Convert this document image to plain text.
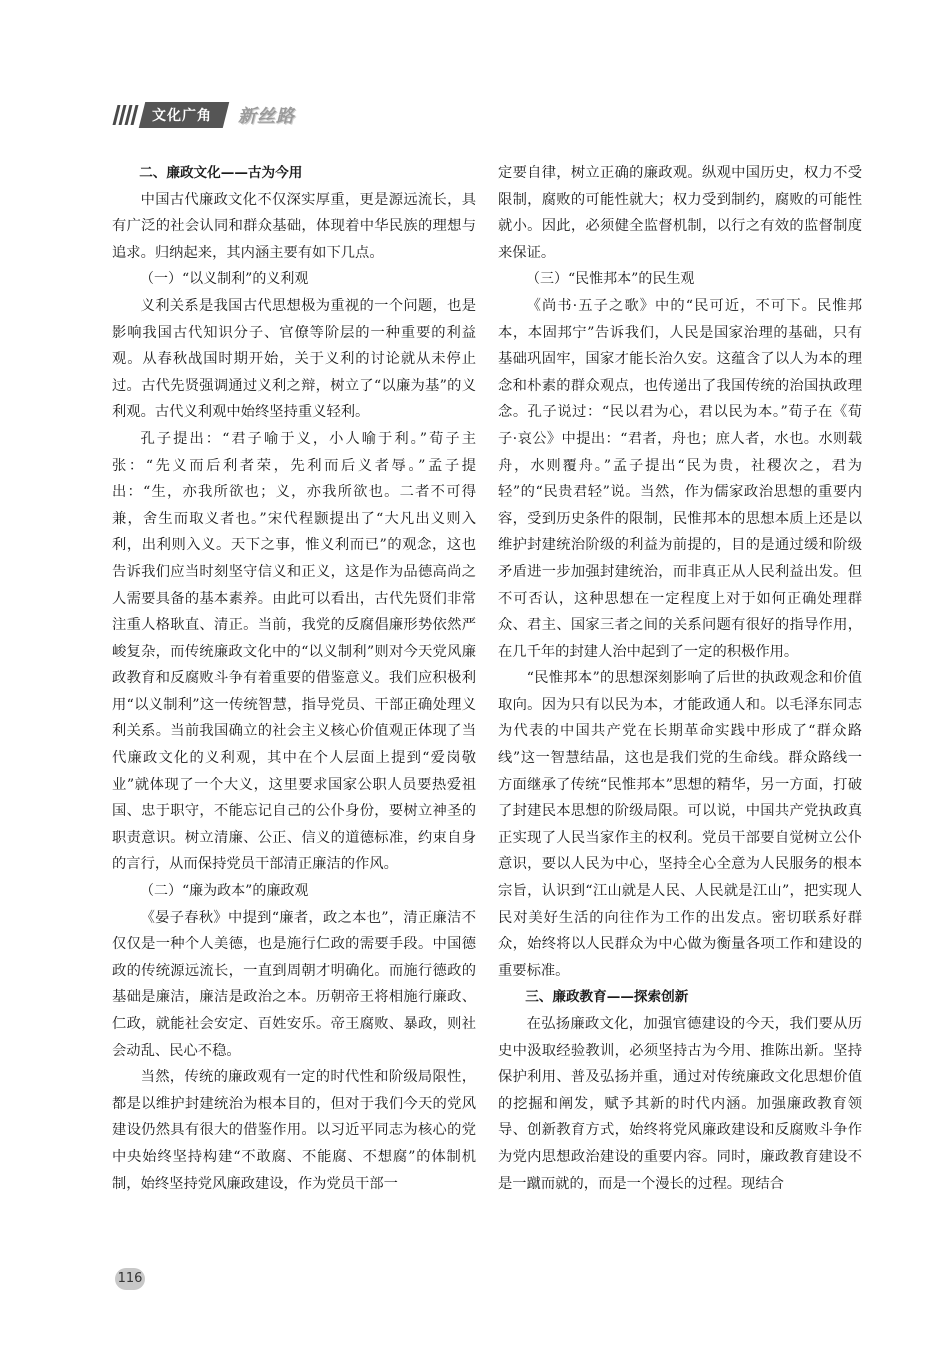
文化广角	新丝路
二、廉政文化——古为今用

中国古代廉政文化不仅深实厚重，更是源远流长，具有广泛的社会认同和群众基础，体现着中华民族的理想与追求。归纳起来，其内涵主要有如下几点。

（一）“以义制利”的义利观

义利关系是我国古代思想极为重视的一个问题，也是影响我国古代知识分子、官僚等阶层的一种重要的利益观。从春秋战国时期开始，关于义利的讨论就从未停止过。古代先贤强调通过义利之辩，树立了“以廉为基”的义利观。古代义利观中始终坚持重义轻利。

孔子提出：“君子喻于义，小人喻于利。”荀子主张：“先义而后利者荣，先利而后义者辱。”孟子提出：“生，亦我所欲也；义，亦我所欲也。二者不可得兼，舍生而取义者也。”宋代程颢提出了“大凡出义则入利，出利则入义。天下之事，惟义利而已”的观念，这也告诉我们应当时刻坚守信义和正义，这是作为品德高尚之人需要具备的基本素养。由此可以看出，古代先贤们非常注重人格耿直、清正。当前，我党的反腐倡廉形势依然严峻复杂，而传统廉政文化中的“以义制利”则对今天党风廉政教育和反腐败斗争有着重要的借鉴意义。我们应积极利用“以义制利”这一传统智慧，指导党员、干部正确处理义利关系。当前我国确立的社会主义核心价值观正体现了当代廉政文化的义利观，其中在个人层面上提到“爱岗敬业”就体现了一个大义，这里要求国家公职人员要热爱祖国、忠于职守，不能忘记自己的公仆身份，要树立神圣的职责意识。树立清廉、公正、信义的道德标准，约束自身的言行，从而保持党员干部清正廉洁的作风。

（二）“廉为政本”的廉政观

《晏子春秋》中提到“廉者，政之本也”，清正廉洁不仅仅是一种个人美德，也是施行仁政的需要手段。中国德政的传统源远流长，一直到周朝才明确化。而施行德政的基础是廉洁，廉洁是政治之本。历朝帝王将相施行廉政、仁政，就能社会安定、百姓安乐。帝王腐败、暴政，则社会动乱、民心不稳。

当然，传统的廉政观有一定的时代性和阶级局限性，都是以维护封建统治为根本目的，但对于我们今天的党风建设仍然具有很大的借鉴作用。以习近平同志为核心的党中央始终坚持构建“不敢腐、不能腐、不想腐”的体制机制，始终坚持党风廉政建设，作为党员干部一

定要自律，树立正确的廉政观。纵观中国历史，权力不受限制，腐败的可能性就大；权力受到制约，腐败的可能性就小。因此，必须健全监督机制，以行之有效的监督制度来保证。

（三）“民惟邦本”的民生观

《尚书·五子之歌》中的“民可近，不可下。民惟邦本，本固邦宁”告诉我们，人民是国家治理的基础，只有基础巩固牢，国家才能长治久安。这蕴含了以人为本的理念和朴素的群众观点，也传递出了我国传统的治国执政理念。孔子说过：“民以君为心，君以民为本。”荀子在《荀子·哀公》中提出：“君者，舟也；庶人者，水也。水则载舟，水则覆舟。”孟子提出“民为贵，社稷次之，君为轻”的“民贵君轻”说。当然，作为儒家政治思想的重要内容，受到历史条件的限制，民惟邦本的思想本质上还是以维护封建统治阶级的利益为前提的，目的是通过缓和阶级矛盾进一步加强封建统治，而非真正从人民利益出发。但不可否认，这种思想在一定程度上对于如何正确处理群众、君主、国家三者之间的关系问题有很好的指导作用，在几千年的封建人治中起到了一定的积极作用。

“民惟邦本”的思想深刻影响了后世的执政观念和价值取向。因为只有以民为本，才能政通人和。以毛泽东同志为代表的中国共产党在长期革命实践中形成了“群众路线”这一智慧结晶，这也是我们党的生命线。群众路线一方面继承了传统“民惟邦本”思想的精华，另一方面，打破了封建民本思想的阶级局限。可以说，中国共产党执政真正实现了人民当家作主的权利。党员干部要自觉树立公仆意识，要以人民为中心，坚持全心全意为人民服务的根本宗旨，认识到“江山就是人民、人民就是江山”，把实现人民对美好生活的向往作为工作的出发点。密切联系好群众，始终将以人民群众为中心做为衡量各项工作和建设的重要标准。

三、廉政教育——探索创新

在弘扬廉政文化，加强官德建设的今天，我们要从历史中汲取经验教训，必须坚持古为今用、推陈出新。坚持保护利用、普及弘扬并重，通过对传统廉政文化思想价值的挖掘和阐发，赋予其新的时代内涵。加强廉政教育领导、创新教育方式，始终将党风廉政建设和反腐败斗争作为党内思想政治建设的重要内容。同时，廉政教育建设不是一蹴而就的，而是一个漫长的过程。现结合

116
